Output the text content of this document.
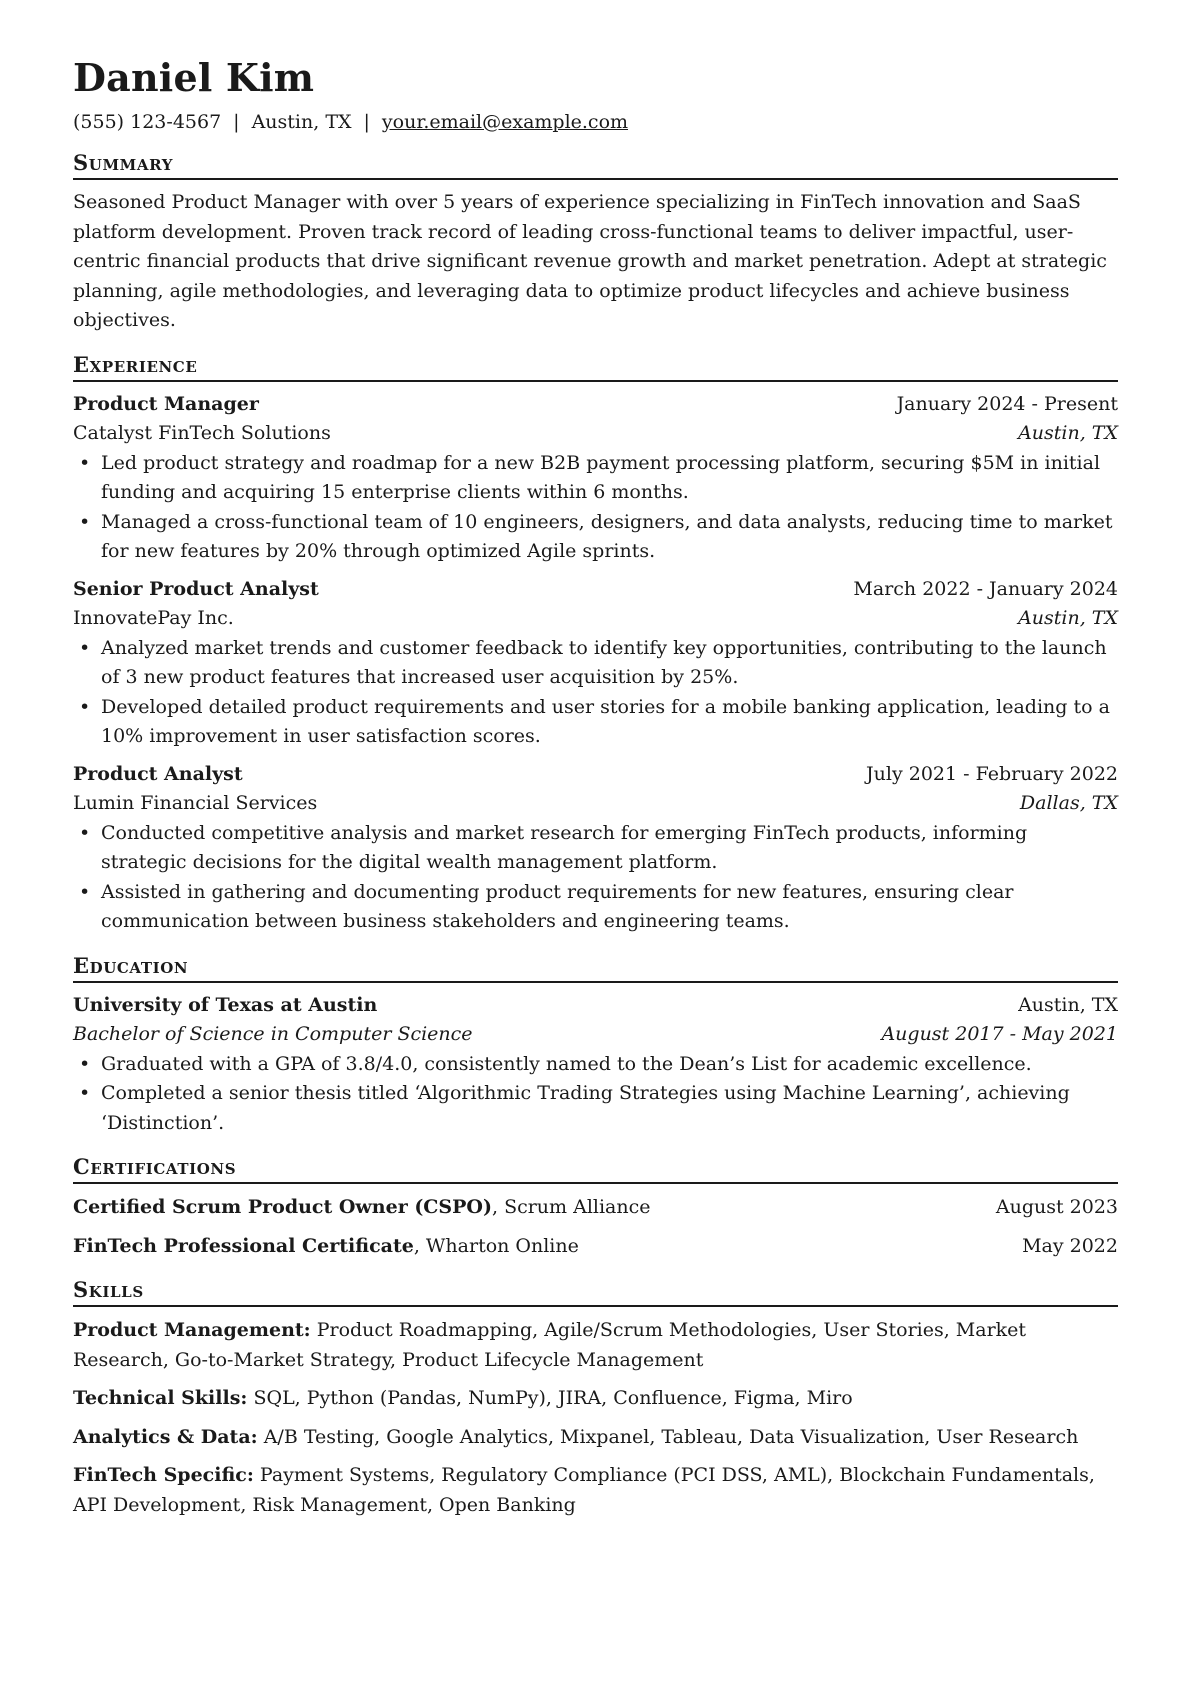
Daniel Kim
(555) 123-4567 | Austin, TX | your.email@example.com
Summary
Seasoned Product Manager with over 5 years of experience specializing in FinTech innovation and SaaS platform development. Proven track record of leading cross-functional teams to deliver impactful, user-centric financial products that drive significant revenue growth and market penetration. Adept at strategic planning, agile methodologies, and leveraging data to optimize product lifecycles and achieve business objectives.
Experience
Product Manager	January 2024 - Present
Catalyst FinTech Solutions	Austin, TX
• Led product strategy and roadmap for a new B2B payment processing platform, securing $5M in initial funding and acquiring 15 enterprise clients within 6 months.
• Managed a cross-functional team of 10 engineers, designers, and data analysts, reducing time to market for new features by 20% through optimized Agile sprints.
Senior Product Analyst	March 2022 - January 2024
InnovatePay Inc.	Austin, TX
• Analyzed market trends and customer feedback to identify key opportunities, contributing to the launch of 3 new product features that increased user acquisition by 25%.
• Developed detailed product requirements and user stories for a mobile banking application, leading to a 10% improvement in user satisfaction scores.
Product Analyst	July 2021 - February 2022
Lumin Financial Services	Dallas, TX
• Conducted competitive analysis and market research for emerging FinTech products, informing strategic decisions for the digital wealth management platform.
• Assisted in gathering and documenting product requirements for new features, ensuring clear communication between business stakeholders and engineering teams.
Education
University of Texas at Austin	Austin, TX
Bachelor of Science in Computer Science	August 2017 - May 2021
• Graduated with a GPA of 3.8/4.0, consistently named to the Dean’s List for academic excellence.
• Completed a senior thesis titled ‘Algorithmic Trading Strategies using Machine Learning’, achieving ‘Distinction’.
Certifications
Certified Scrum Product Owner (CSPO), Scrum Alliance	August 2023
FinTech Professional Certificate, Wharton Online	May 2022
Skills
Product Management: Product Roadmapping, Agile/Scrum Methodologies, User Stories, Market Research, Go-to-Market Strategy, Product Lifecycle Management
Technical Skills: SQL, Python (Pandas, NumPy), JIRA, Confluence, Figma, Miro
Analytics & Data: A/B Testing, Google Analytics, Mixpanel, Tableau, Data Visualization, User Research
FinTech Specific: Payment Systems, Regulatory Compliance (PCI DSS, AML), Blockchain Fundamentals, API Development, Risk Management, Open Banking
